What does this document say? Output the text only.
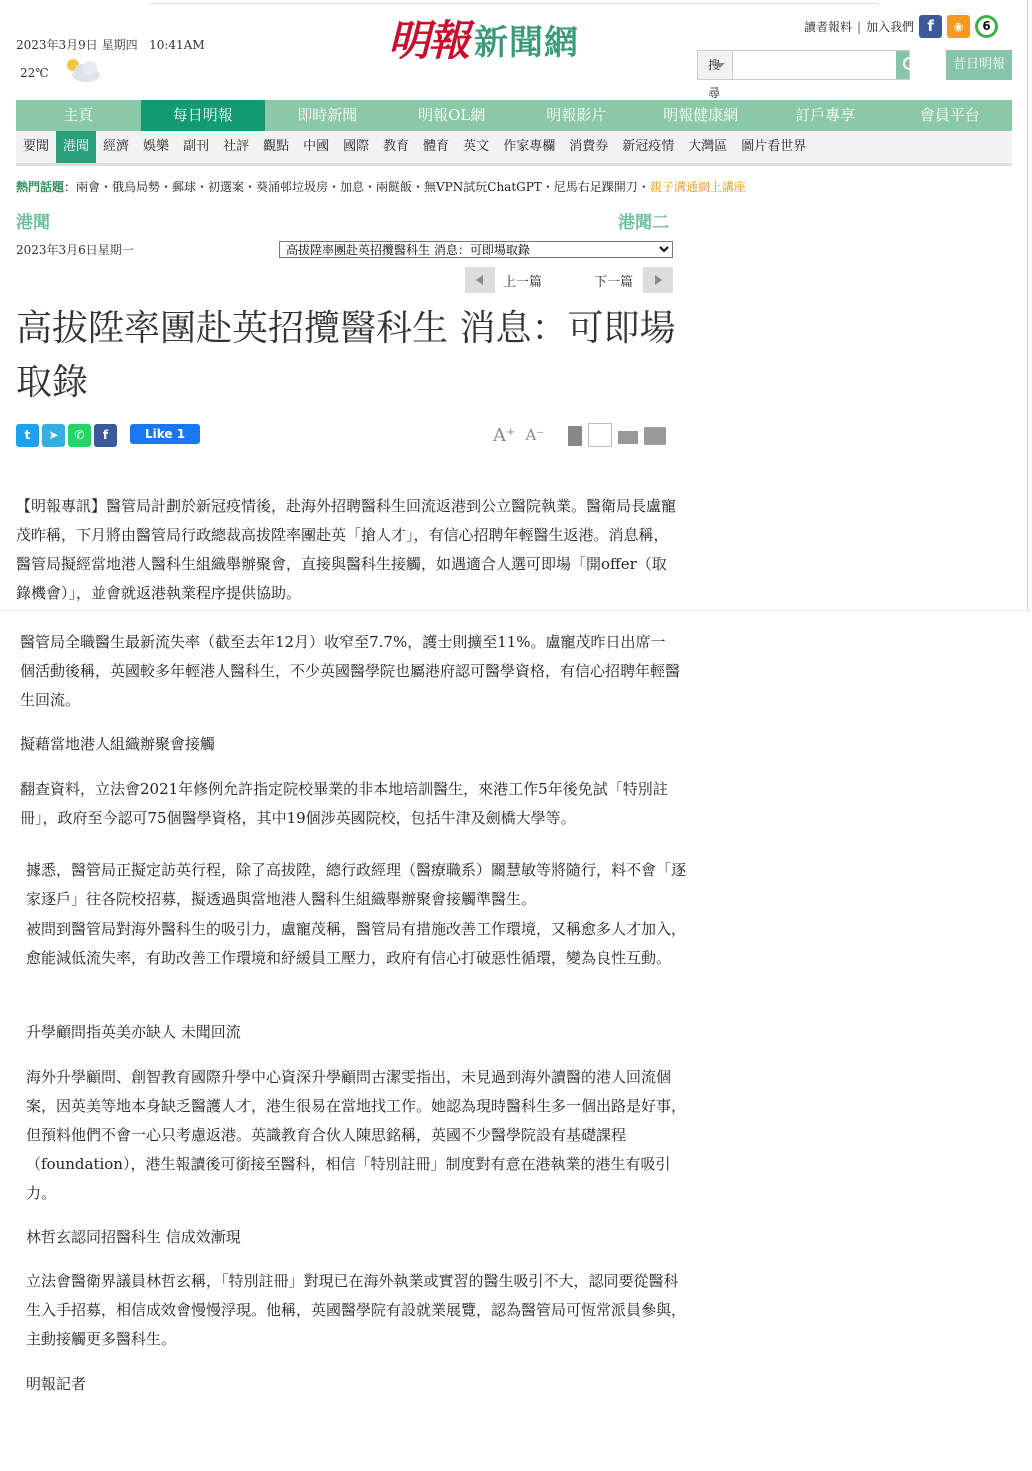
2023年3月9日 星期四 10:41AM
22℃
明報 新聞網	讀者報料 | 加入我們 f	◉	6
搜尋
昔日明報
主頁	每日明報	即時新聞	明報OL網	明報影片	明報健康網	訂戶專享	會員平台
要聞	港聞	經濟	娛樂	副刊	社評	觀點	中國	國際	教育	體育	英文	作家專欄	消費券	新冠疫情	大灣區	圖片看世界
熱門話題：兩會・俄烏局勢・郵球・初選案・葵涌邨垃圾房・加息・兩餸飯・無VPN試玩ChatGPT・尼馬右足踝開刀・親子溝通網上講座
港聞	港聞二
2023年3月6日星期一
高拔陞率團赴英招攬醫科生 消息：可即場取錄
上一篇	下一篇
高拔陞率團赴英招攬醫科生 消息：可即場取錄
t	➤	✆	f	Like 1	A⁺ A⁻
【明報專訊】醫管局計劃於新冠疫情後，赴海外招聘醫科生回流返港到公立醫院執業。醫衛局長盧寵茂昨稱，下月將由醫管局行政總裁高拔陞率團赴英「搶人才」，有信心招聘年輕醫生返港。消息稱，醫管局擬經當地港人醫科生組織舉辦聚會，直接與醫科生接觸，如遇適合人選可即場「開offer（取錄機會）」，並會就返港執業程序提供協助。
醫管局全職醫生最新流失率（截至去年12月）收窄至7.7%，護士則擴至11%。盧寵茂昨日出席一個活動後稱，英國較多年輕港人醫科生，不少英國醫學院也屬港府認可醫學資格，有信心招聘年輕醫生回流。
擬藉當地港人組織辦聚會接觸
翻查資料，立法會2021年修例允許指定院校畢業的非本地培訓醫生，來港工作5年後免試「特別註冊」，政府至今認可75個醫學資格，其中19個涉英國院校，包括牛津及劍橋大學等。
據悉，醫管局正擬定訪英行程，除了高拔陞，總行政經理（醫療職系）關慧敏等將隨行，料不會「逐家逐戶」往各院校招募，擬透過與當地港人醫科生組織舉辦聚會接觸準醫生。
被問到醫管局對海外醫科生的吸引力，盧寵茂稱，醫管局有措施改善工作環境，又稱愈多人才加入，愈能減低流失率，有助改善工作環境和紓緩員工壓力，政府有信心打破惡性循環，變為良性互動。
升學顧問指英美亦缺人 未聞回流
海外升學顧問、創智教育國際升學中心資深升學顧問古潔雯指出，未見過到海外讀醫的港人回流個案，因英美等地本身缺乏醫護人才，港生很易在當地找工作。她認為現時醫科生多一個出路是好事，但預料他們不會一心只考慮返港。英識教育合伙人陳思銘稱，英國不少醫學院設有基礎課程（foundation），港生報讀後可銜接至醫科，相信「特別註冊」制度對有意在港執業的港生有吸引力。
林哲玄認同招醫科生 信成效漸現
立法會醫衛界議員林哲玄稱，「特別註冊」對現已在海外執業或實習的醫生吸引不大，認同要從醫科生入手招募，相信成效會慢慢浮現。他稱，英國醫學院有設就業展覽，認為醫管局可恆常派員參與，主動接觸更多醫科生。
明報記者
